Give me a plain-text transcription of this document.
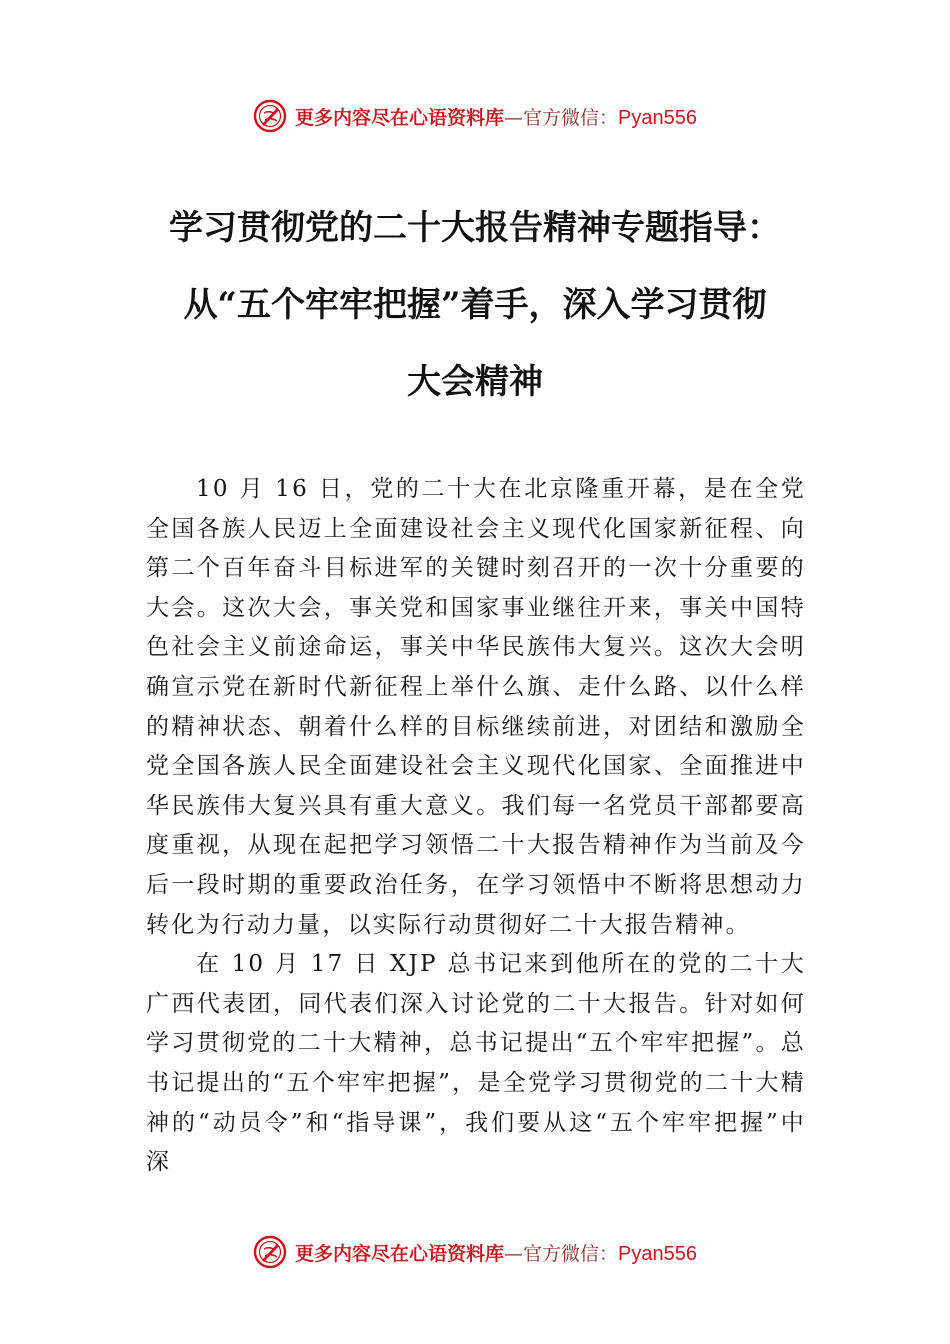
更多内容尽在心语资料库 —官方微信： Pyan556
学习贯彻党的二十大报告精神专题指导：
从“五个牢牢把握”着手，深入学习贯彻
大会精神

10 月 16 日，党的二十大在北京隆重开幕，是在全党全国各族人民迈上全面建设社会主义现代化国家新征程、向第二个百年奋斗目标进军的关键时刻召开的一次十分重要的大会。这次大会，事关党和国家事业继往开来，事关中国特色社会主义前途命运，事关中华民族伟大复兴。这次大会明确宣示党在新时代新征程上举什么旗、走什么路、以什么样的精神状态、朝着什么样的目标继续前进，对团结和激励全党全国各族人民全面建设社会主义现代化国家、全面推进中华民族伟大复兴具有重大意义。我们每一名党员干部都要高度重视，从现在起把学习领悟二十大报告精神作为当前及今后一段时期的重要政治任务，在学习领悟中不断将思想动力转化为行动力量，以实际行动贯彻好二十大报告精神。

在 10 月 17 日 XJP 总书记来到他所在的党的二十大广西代表团，同代表们深入讨论党的二十大报告。针对如何学习贯彻党的二十大精神，总书记提出“五个牢牢把握”。总书记提出的“五个牢牢把握”，是全党学习贯彻党的二十大精神的“动员令”和“指导课”，我们要从这“五个牢牢把握”中深

更多内容尽在心语资料库 —官方微信： Pyan556
